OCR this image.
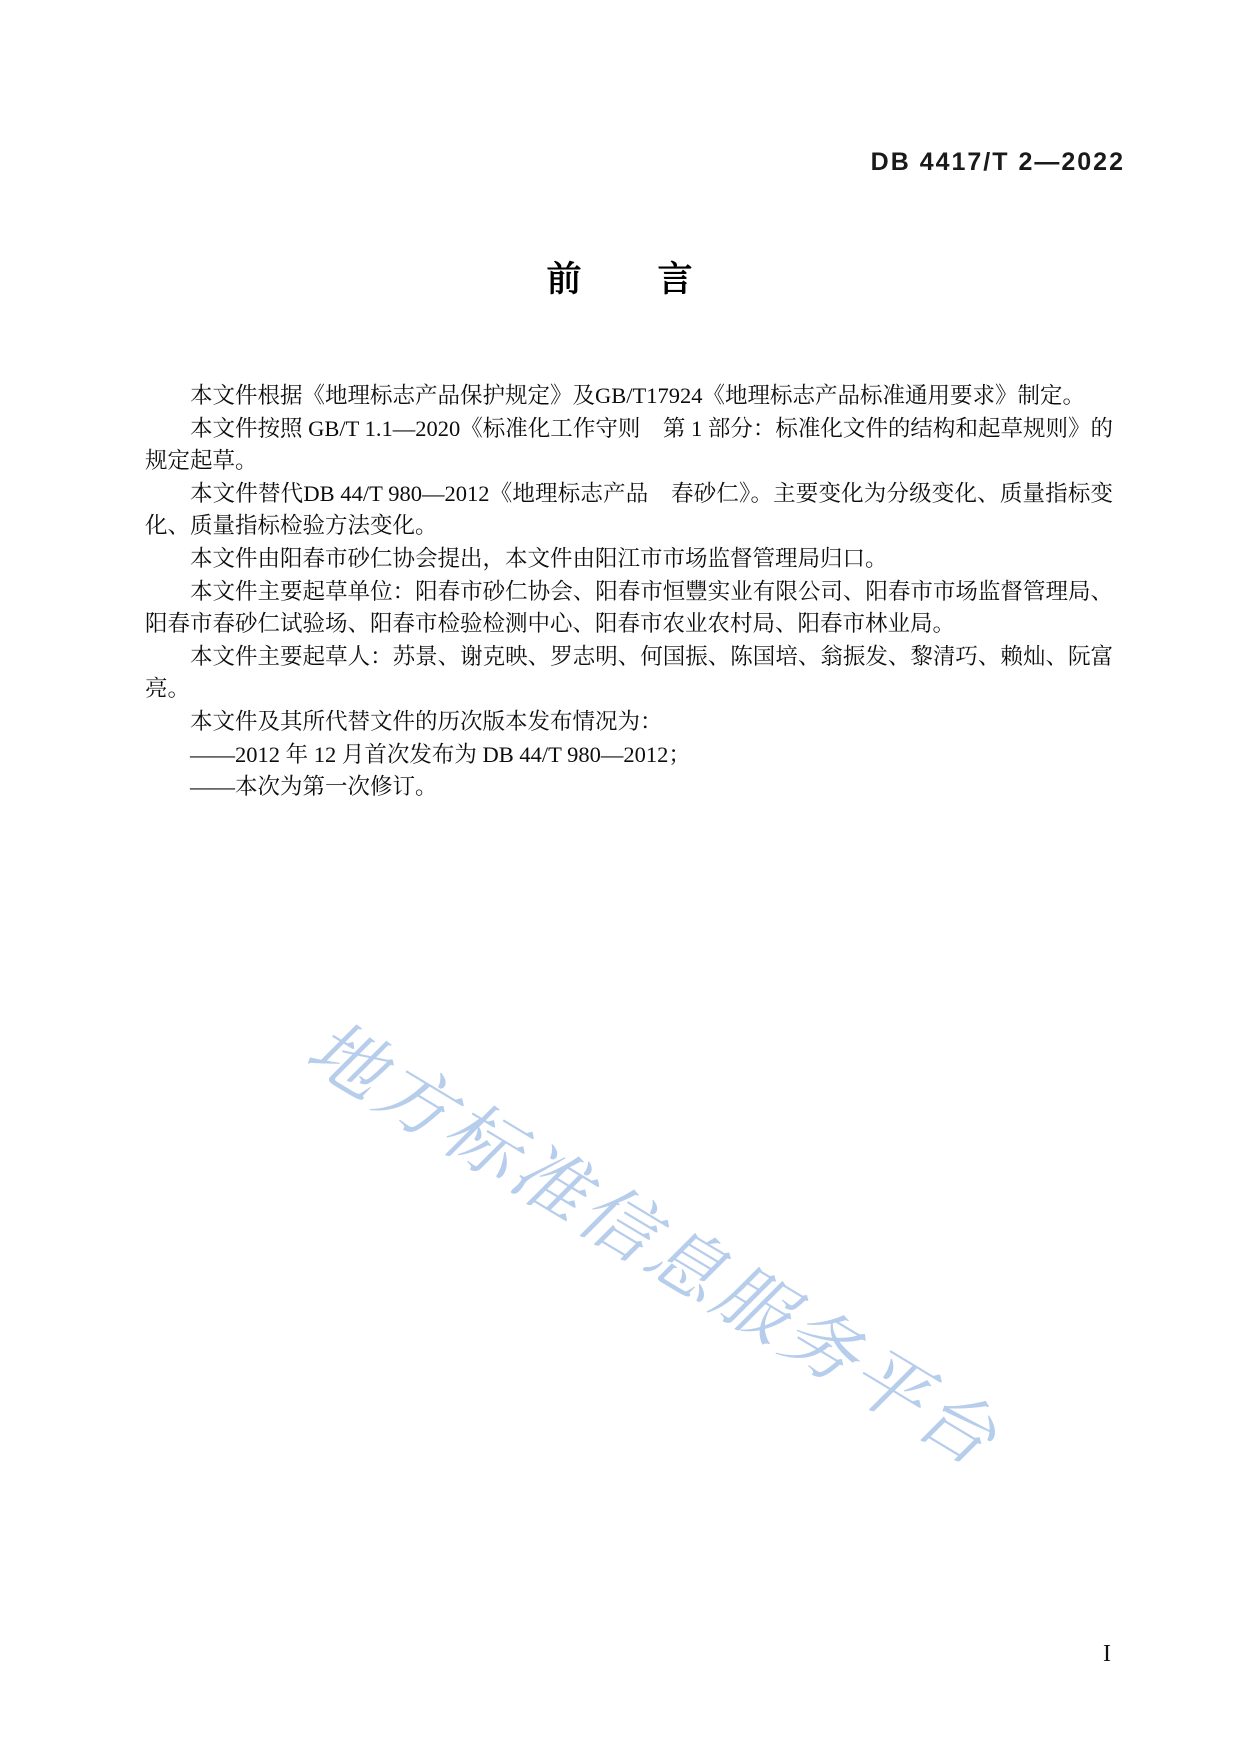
DB 4417/T 2—2022
前　　言

本文件根据《地理标志产品保护规定》及GB/T17924《地理标志产品标准通用要求》制定。

本文件按照 GB/T 1.1—2020《标准化工作守则　第 1 部分：标准化文件的结构和起草规则》的规定起草。

本文件替代DB 44/T 980—2012《地理标志产品　春砂仁》。主要变化为分级变化、质量指标变化、质量指标检验方法变化。

本文件由阳春市砂仁协会提出，本文件由阳江市市场监督管理局归口。

本文件主要起草单位：阳春市砂仁协会、阳春市恒豐实业有限公司、阳春市市场监督管理局、阳春市春砂仁试验场、阳春市检验检测中心、阳春市农业农村局、阳春市林业局。

本文件主要起草人：苏景、谢克映、罗志明、何国振、陈国培、翁振发、黎清巧、赖灿、阮富亮。

本文件及其所代替文件的历次版本发布情况为：

——2012 年 12 月首次发布为 DB 44/T 980—2012；

——本次为第一次修订。

地方标准信息服务平台
I
